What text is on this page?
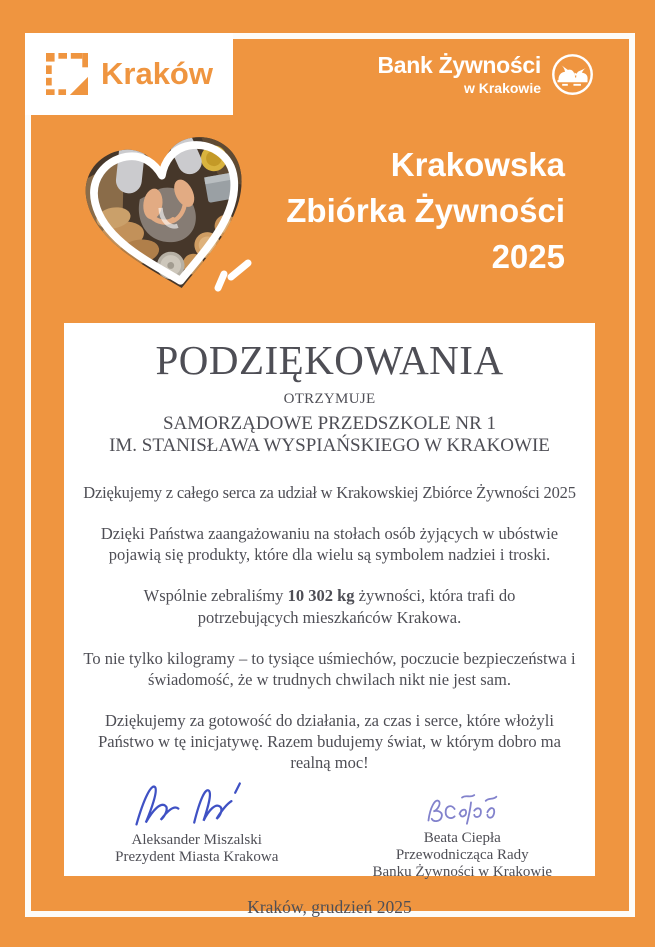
Kraków	Bank Żywności
w Krakowie
Krakowska
Zbiórka Żywności
2025
PODZIĘKOWANIA
OTRZYMUJE
SAMORZĄDOWE PRZEDSZKOLE NR 1
IM. STANISŁAWA WYSPIAŃSKIEGO W KRAKOWIE

Dziękujemy z całego serca za udział w Krakowskiej Zbiórce Żywności 2025

Dzięki Państwa zaangażowaniu na stołach osób żyjących w ubóstwie pojawią się produkty, które dla wielu są symbolem nadziei i troski.

Wspólnie zebraliśmy 10 302 kg żywności, która trafi do potrzebujących mieszkańców Krakowa.

To nie tylko kilogramy – to tysiące uśmiechów, poczucie bezpieczeństwa i świadomość, że w trudnych chwilach nikt nie jest sam.

Dziękujemy za gotowość do działania, za czas i serce, które włożyli Państwo w tę inicjatywę. Razem budujemy świat, w którym dobro ma realną moc!

Aleksander Miszalski
Prezydent Miasta Krakowa
Beata Ciepła
Przewodnicząca Rady
Banku Żywności w Krakowie
Kraków, grudzień 2025
